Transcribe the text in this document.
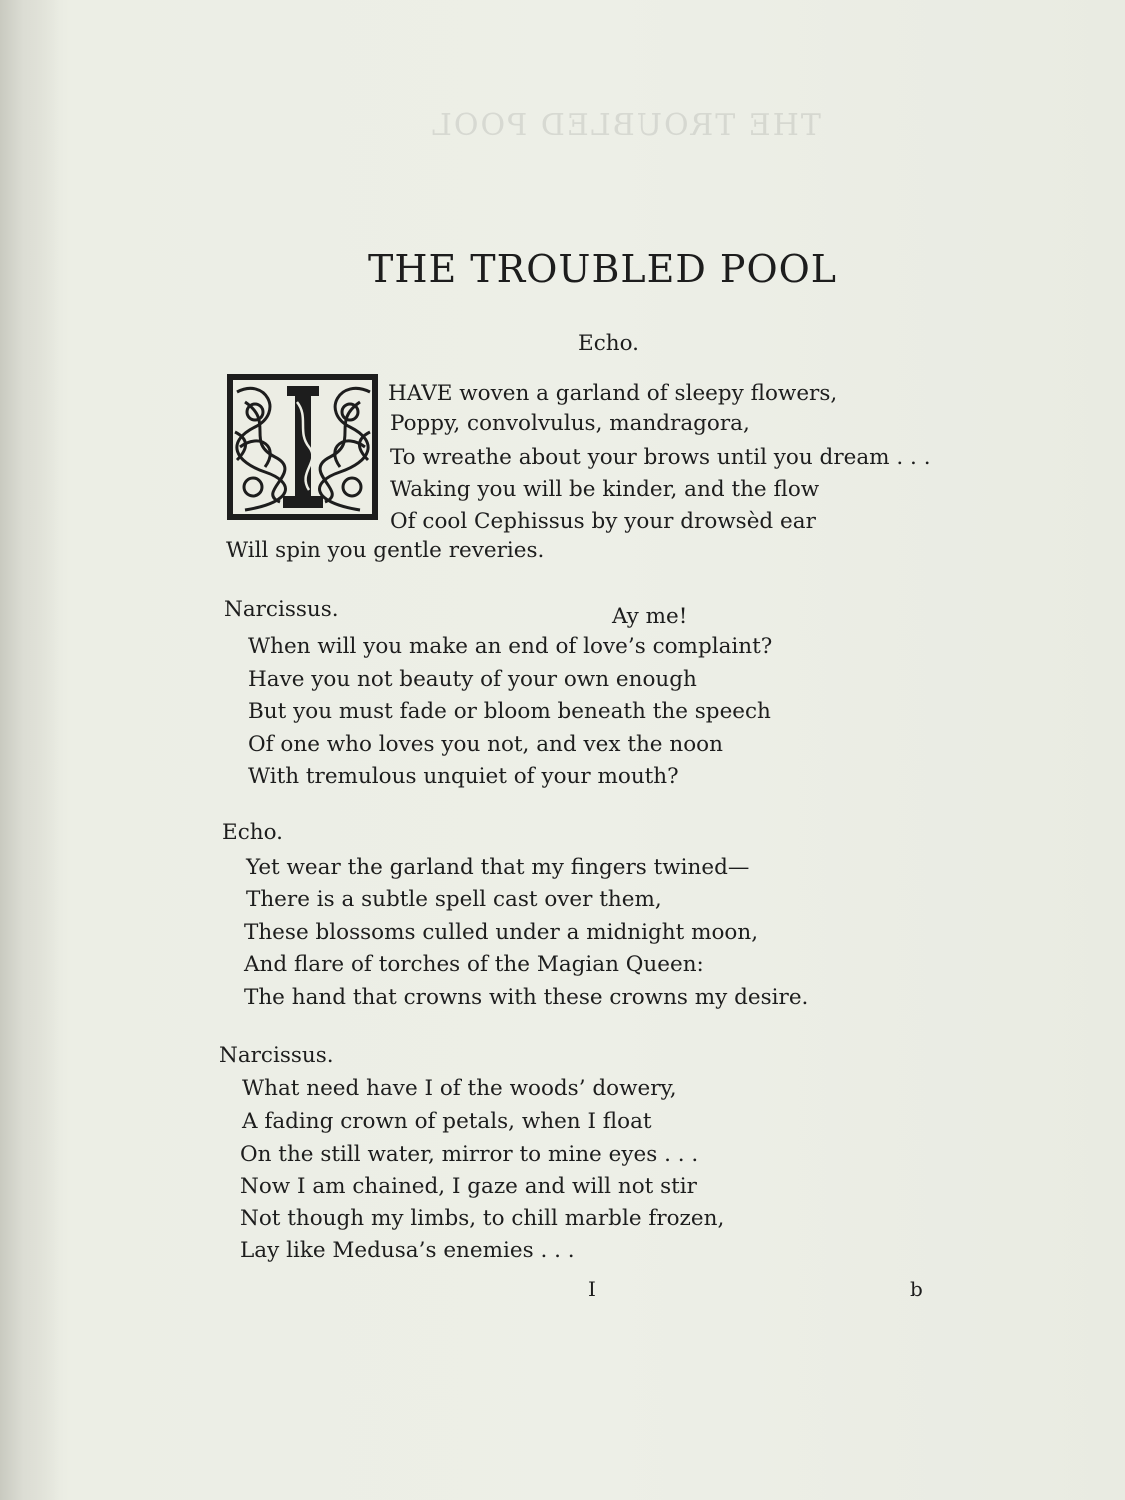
THE TROUBLED POOL
THE TROUBLED POOL
Echo.
HAVE woven a garland of sleepy flowers,
Poppy, convolvulus, mandragora,
To wreathe about your brows until you dream . . .
Waking you will be kinder, and the flow
Of cool Cephissus by your drowsèd ear
Will spin you gentle reveries.
Narcissus.	Ay me!
When will you make an end of love’s complaint?
Have you not beauty of your own enough
But you must fade or bloom beneath the speech
Of one who loves you not, and vex the noon
With tremulous unquiet of your mouth?
Echo.
Yet wear the garland that my fingers twined—
There is a subtle spell cast over them,
These blossoms culled under a midnight moon,
And flare of torches of the Magian Queen:
The hand that crowns with these crowns my desire.
Narcissus.
What need have I of the woods’ dowery,
A fading crown of petals, when I float
On the still water, mirror to mine eyes . . .
Now I am chained, I gaze and will not stir
Not though my limbs, to chill marble frozen,
Lay like Medusa’s enemies . . .
I	b
